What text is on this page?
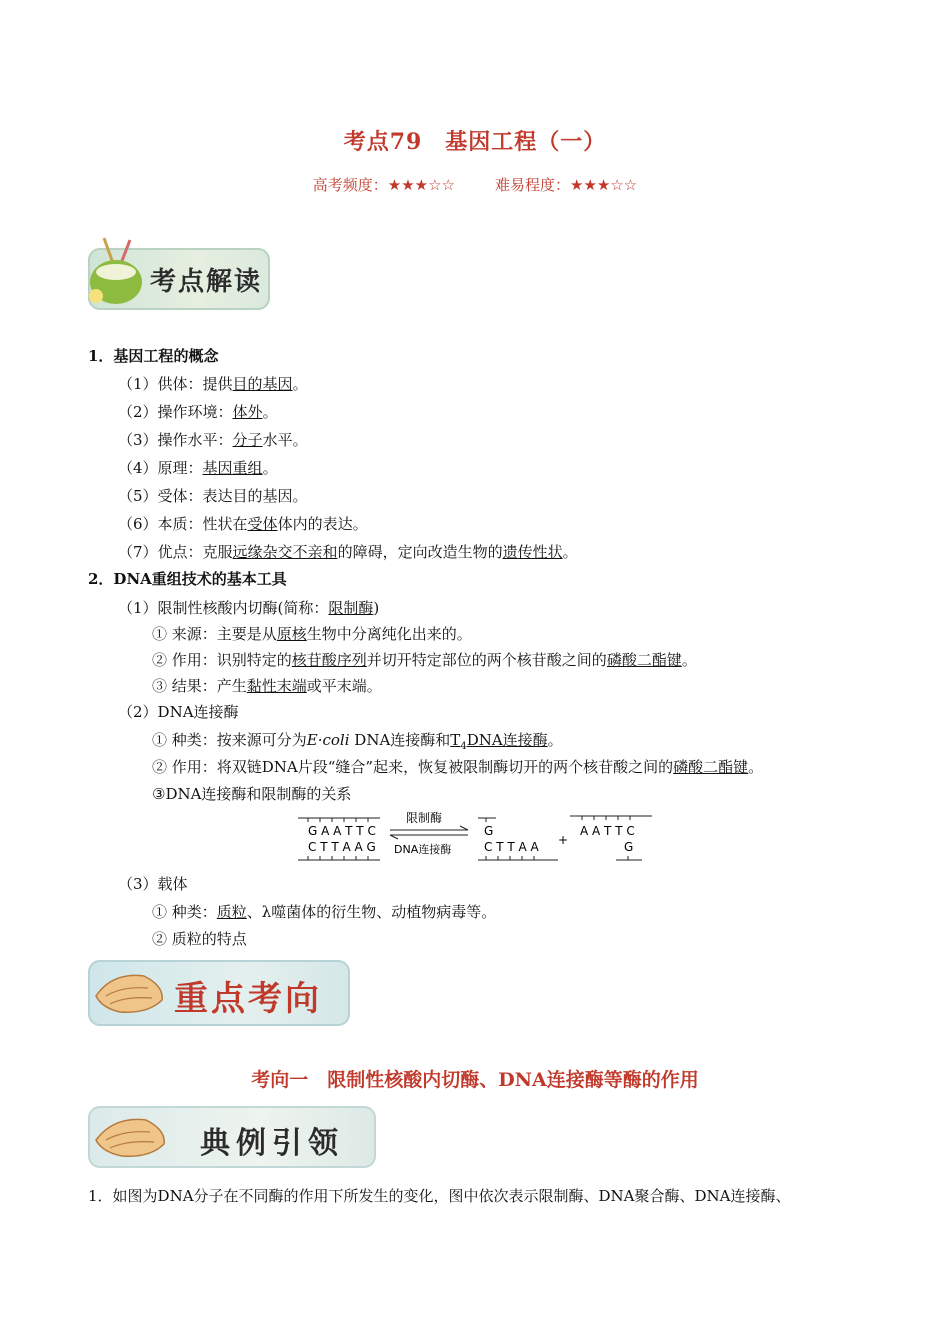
考点79　基因工程（一）
高考频度：★★★☆☆	难易程度：★★★☆☆
考点解读
1．基因工程的概念
（1）供体：提供目的基因。
（2）操作环境：体外。
（3）操作水平：分子水平。
（4）原理：基因重组。
（5）受体：表达目的基因。
（6）本质：性状在受体体内的表达。
（7）优点：克服远缘杂交不亲和的障碍，定向改造生物的遗传性状。
2．DNA重组技术的基本工具
（1）限制性核酸内切酶(简称：限制酶)
① 来源：主要是从原核生物中分离纯化出来的。
② 作用：识别特定的核苷酸序列并切开特定部位的两个核苷酸之间的磷酸二酯键。
③ 结果：产生黏性末端或平末端。
（2）DNA连接酶
① 种类：按来源可分为E·coli DNA连接酶和$T_4DNA$连接酶。
② 作用：将双链DNA片段“缝合”起来，恢复被限制酶切开的两个核苷酸之间的磷酸二酯键。
③DNA连接酶和限制酶的关系
G A A T T C
C T T A A G
限制酶
DNA连接酶
G
C T T A A +
A A T T C
G
（3）载体
① 种类：质粒、λ噬菌体的衍生物、动植物病毒等。
② 质粒的特点
重点考向
考向一　限制性核酸内切酶、DNA连接酶等酶的作用
典例引领
1．如图为DNA分子在不同酶的作用下所发生的变化，图中依次表示限制酶、DNA聚合酶、DNA连接酶、
